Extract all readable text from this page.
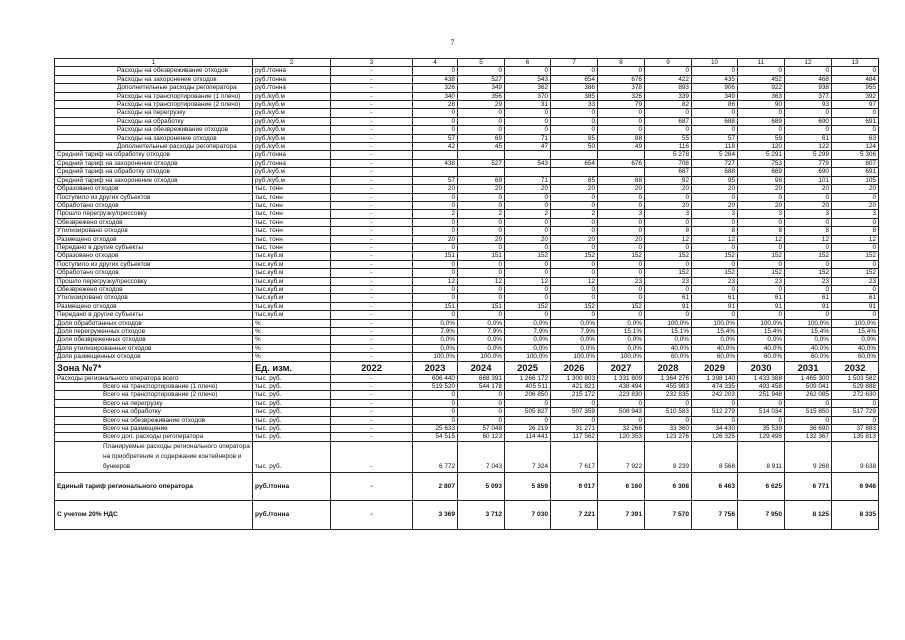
7
1	2	3	4	5	6	7	8	9	10	11	12	13
Расходы на обезвреживание отходов	руб./тонна	-	0	0	0	0	0	0	0	0	0	0
Расходы на захоронение отходов	руб./тонна	-	438	527	543	654	676	422	435	452	468	484
Дополнительные расходы регоператора	руб./тонна	-	326	349	362	386	378	893	906	922	938	955
Расходы на транспортирование (1 плечо)	руб./куб.м	-	340	356	370	385	326	339	349	363	377	392
Расходы на транспортирование (2 плечо)	руб./куб.м	-	28	29	31	33	79	82	86	90	93	97
Расходы на перегрузку	руб./куб.м	-	0	0	0	0	0	0	0	0	0	0
Расходы на обработку	руб./куб.м	-	0	0	0	0	0	687	688	689	690	691
Расходы на обезвреживание отходов	руб./куб.м	-	0	0	0	0	0	0	0	0	0	0
Расходы на захоронение отходов	руб./куб.м	-	57	69	71	85	88	55	57	59	61	63
Дополнительные расходы регоператора	руб./куб.м	-	42	45	47	50	49	116	118	120	122	124
Средний тариф на обработку отходов	руб./тонна	-						5 278	5 284	5 291	5 299	5 306
Средний тариф на захоронение отходов	руб./тонна	-	438	527	543	654	676	708	727	753	779	807
Средний тариф на обработку отходов	руб./куб.м	-						687	688	689	690	691
Средний тариф на захоронение отходов	руб./куб.м	-	57	69	71	85	88	92	95	98	101	105
Образовано отходов	тыс. тонн	-	20	20	20	20	20	20	20	20	20	20
Поступило из других субъектов	тыс. тонн	-	0	0	0	0	0	0	0	0	0	0
Обработано отходов	тыс. тонн	-	0	0	0	0	0	20	20	20	20	20
Прошло перегрузку/прессовку	тыс. тонн	-	2	2	2	2	3	3	3	3	3	3
Обезврежено отходов	тыс. тонн	-	0	0	0	0	0	0	0	0	0	0
Утилизировано отходов	тыс. тонн	-	0	0	0	0	0	8	8	8	8	8
Размещено отходов	тыс. тонн	-	20	20	20	20	20	12	12	12	12	12
Передано в другие субъекты	тыс. тонн	-	0	0	0	0	0	0	0	0	0	0
Образовано отходов	тыс.куб.м	-	151	151	152	152	152	152	152	152	152	152
Поступило из других субъектов	тыс.куб.м	-	0	0	0	0	0	0	0	0	0	0
Обработано отходов	тыс.куб.м	-	0	0	0	0	0	152	152	152	152	152
Прошло перегрузку/прессовку	тыс.куб.м	-	12	12	12	12	23	23	23	23	23	23
Обезврежено отходов	тыс.куб.м	-	0	0	0	0	0	0	0	0	0	0
Утилизировано отходов	тыс.куб.м	-	0	0	0	0	0	61	61	61	61	61
Размещено отходов	тыс.куб.м	-	151	151	152	152	152	91	91	91	91	91
Передано в другие субъекты	тыс.куб.м	-	0	0	0	0	0	0	0	0	0	0
Доля обработанных отходов	%	-	0,0%	0,0%	0,0%	0,0%	0,0%	100,0%	100,0%	100,0%	100,0%	100,0%
Доля перегруженных отходов	%	-	7,9%	7,9%	7,9%	7,9%	15,1%	15,1%	15,4%	15,4%	15,4%	15,4%
Доля обезвреженных отходов	%	-	0,0%	0,0%	0,0%	0,0%	0,0%	0,0%	0,0%	0,0%	0,0%	0,0%
Доля утилизированных отходов	%	-	0,0%	0,0%	0,0%	0,0%	0,0%	40,0%	40,0%	40,0%	40,0%	40,0%
Доля размещенных отходов	%	-	100,0%	100,0%	100,0%	100,0%	100,0%	60,0%	60,0%	60,0%	60,0%	60,0%
Зона №7*	Ед. изм.	2022	2023	2024	2025	2026	2027	2028	2029	2030	2031	2032
Расходы регионального оператора всего	тыс. руб.	-	606 440	668 391	1 266 172	1 300 803	1 331 809	1 364 276	1 398 140	1 433 388	1 465 300	1 503 582
Всего на транспортирование (1 плечо)	тыс. руб.	-	519 520	544 178	405 511	421 821	438 494	455 983	474 335	493 458	509 041	529 888
Всего на транспортирование (2 плечо)	тыс. руб.	-	0	0	206 850	215 172	223 830	232 835	242 203	251 948	262 085	272 630
Всего на перегрузку	тыс. руб.	-	0	0	0	0	0	0	0	0	0	0
Всего на обработку	тыс. руб.	-	0	0	505 827	507 359	508 943	510 583	512 279	514 034	515 850	517 729
Всего на обезвреживание отходов	тыс. руб.	-	0	0	0	0	0	0	0	0	0	0
Всего на размещение	тыс. руб.	-	25 633	57 048	26 219	31 271	32 266	33 360	34 430	35 539	36 690	37 883
Всего доп. расходы регоператора	тыс. руб.	-	54 515	60 123	114 441	117 562	120 353	123 276	126 325	129 498	132 367	135 813
Планируемые расходы регионального оператора на приобретение и содержание контейнеров и бункеров	тыс. руб.	-	6 772	7 043	7 324	7 617	7 922	8 239	8 568	8 911	9 268	9 638
Единый тариф регионального оператора	руб./тонна	-	2 807	5 093	5 859	6 017	6 160	6 308	6 463	6 625	6 771	6 946
С учетом 20% НДС	руб./тонна	-	3 369	3 712	7 030	7 221	7 391	7 570	7 756	7 950	8 125	8 335
